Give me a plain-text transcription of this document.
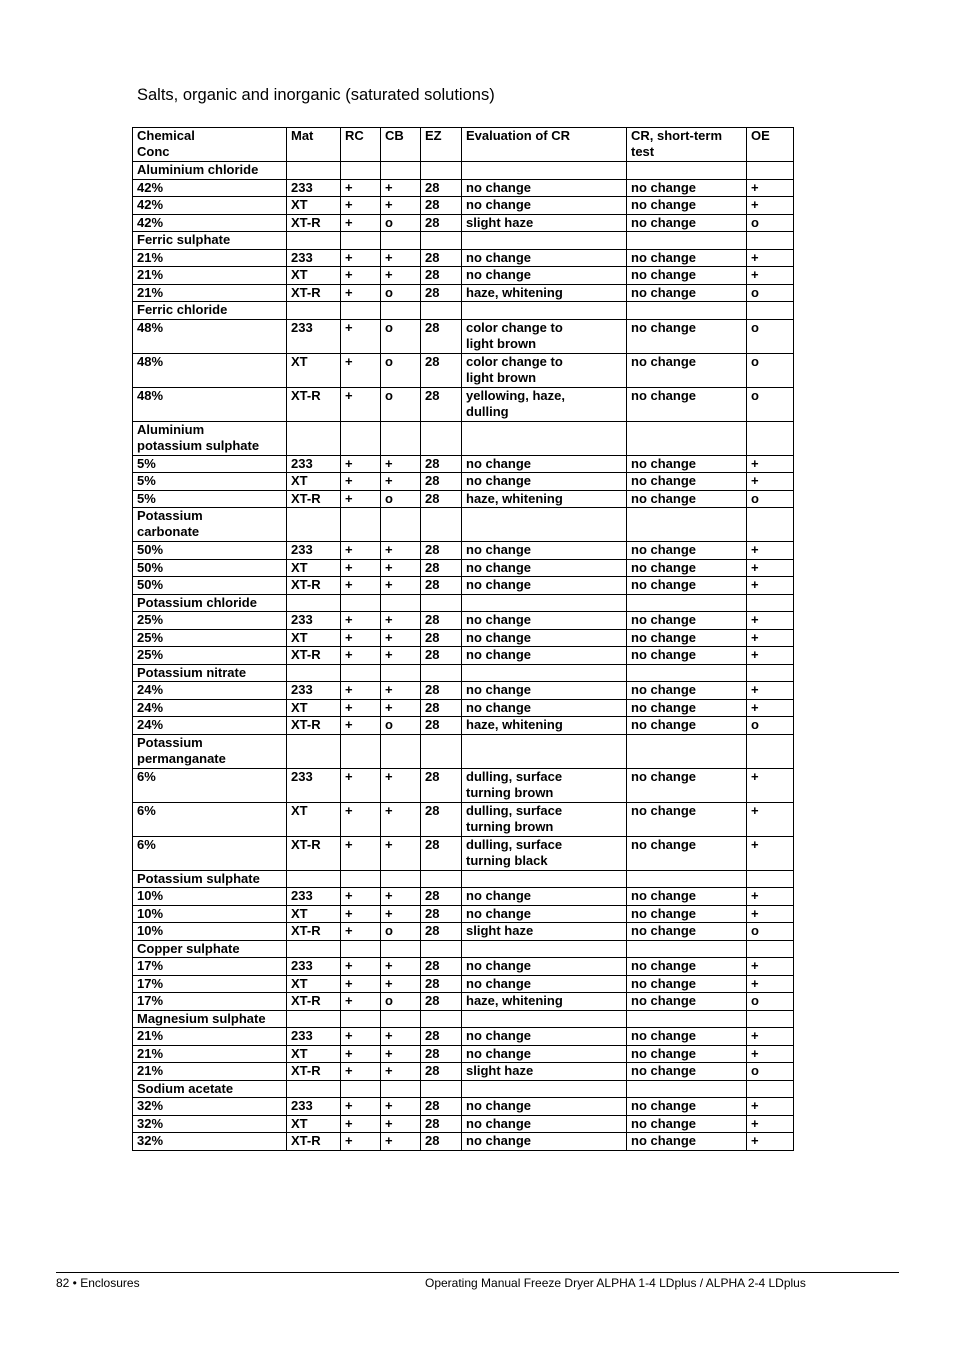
Salts, organic and inorganic (saturated solutions)
Chemical
Conc	Mat	RC	CB	EZ	Evaluation of CR	CR, short-term
test	OE
Aluminium chloride							
42%	233	+	+	28	no change	no change	+
42%	XT	+	+	28	no change	no change	+
42%	XT-R	+	o	28	slight haze	no change	o
Ferric sulphate							
21%	233	+	+	28	no change	no change	+
21%	XT	+	+	28	no change	no change	+
21%	XT-R	+	o	28	haze, whitening	no change	o
Ferric chloride							
48%	233	+	o	28	color change to
light brown	no change	o
48%	XT	+	o	28	color change to
light brown	no change	o
48%	XT-R	+	o	28	yellowing, haze,
dulling	no change	o
Aluminium
potassium sulphate							
5%	233	+	+	28	no change	no change	+
5%	XT	+	+	28	no change	no change	+
5%	XT-R	+	o	28	haze, whitening	no change	o
Potassium
carbonate							
50%	233	+	+	28	no change	no change	+
50%	XT	+	+	28	no change	no change	+
50%	XT-R	+	+	28	no change	no change	+
Potassium chloride							
25%	233	+	+	28	no change	no change	+
25%	XT	+	+	28	no change	no change	+
25%	XT-R	+	+	28	no change	no change	+
Potassium nitrate							
24%	233	+	+	28	no change	no change	+
24%	XT	+	+	28	no change	no change	+
24%	XT-R	+	o	28	haze, whitening	no change	o
Potassium
permanganate							
6%	233	+	+	28	dulling, surface
turning brown	no change	+
6%	XT	+	+	28	dulling, surface
turning brown	no change	+
6%	XT-R	+	+	28	dulling, surface
turning black	no change	+
Potassium sulphate							
10%	233	+	+	28	no change	no change	+
10%	XT	+	+	28	no change	no change	+
10%	XT-R	+	o	28	slight haze	no change	o
Copper sulphate							
17%	233	+	+	28	no change	no change	+
17%	XT	+	+	28	no change	no change	+
17%	XT-R	+	o	28	haze, whitening	no change	o
Magnesium sulphate							
21%	233	+	+	28	no change	no change	+
21%	XT	+	+	28	no change	no change	+
21%	XT-R	+	+	28	slight haze	no change	o
Sodium acetate							
32%	233	+	+	28	no change	no change	+
32%	XT	+	+	28	no change	no change	+
32%	XT-R	+	+	28	no change	no change	+
82 • Enclosures	Operating Manual Freeze Dryer ALPHA 1-4 LDplus / ALPHA 2-4 LDplus
